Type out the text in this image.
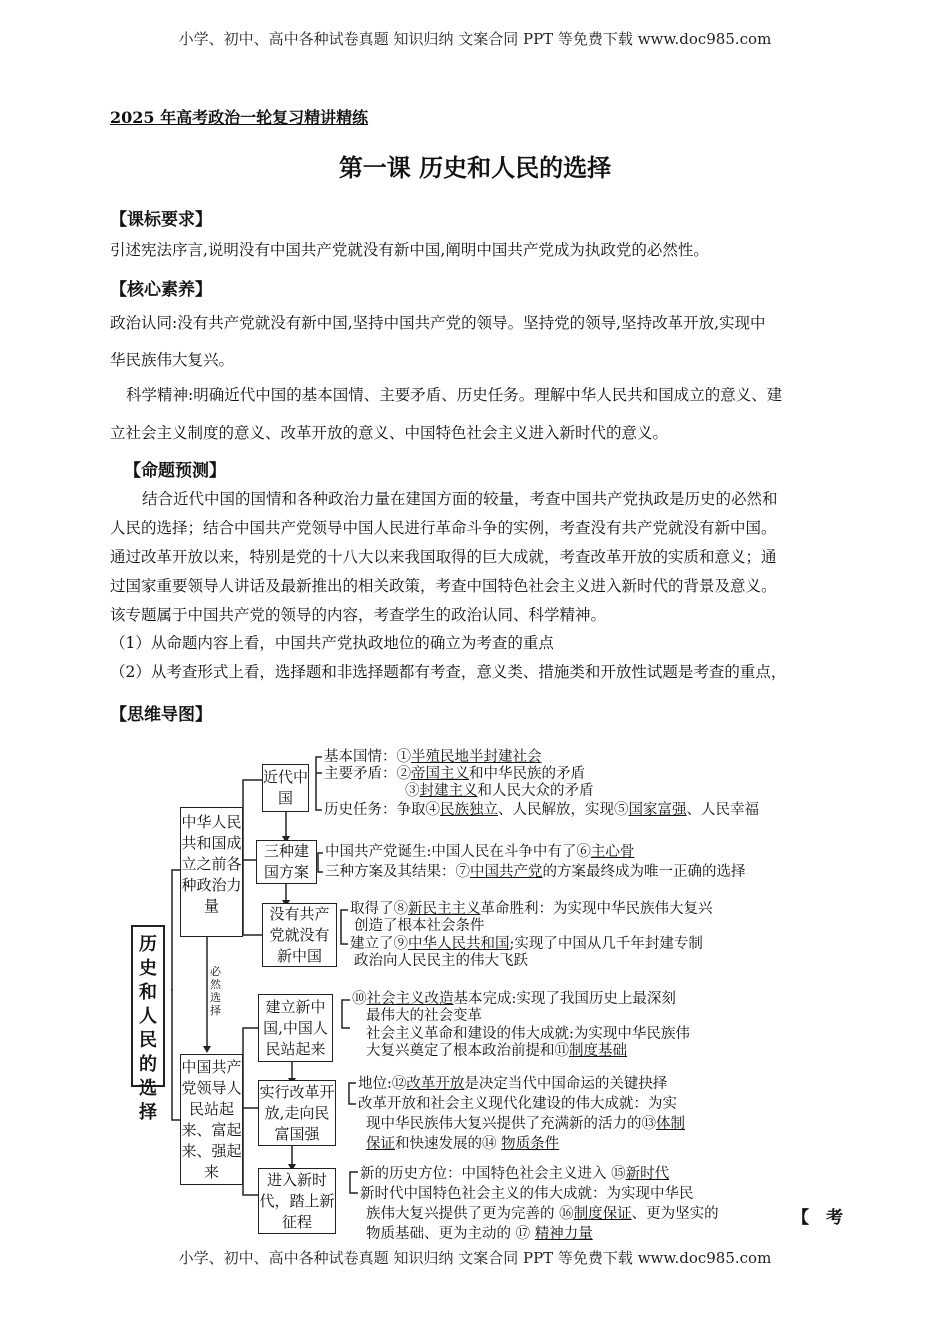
小学、初中、高中各种试卷真题 知识归纳 文案合同 PPT 等免费下载 www.doc985.com
小学、初中、高中各种试卷真题 知识归纳 文案合同 PPT 等免费下载 www.doc985.com
2025 年高考政治一轮复习精讲精练
第一课 历史和人民的选择
【课标要求】
引述宪法序言,说明没有中国共产党就没有新中国,阐明中国共产党成为执政党的必然性。
【核心素养】
政治认同:没有共产党就没有新中国,坚持中国共产党的领导。坚持党的领导,坚持改革开放,实现中
华民族伟大复兴。
科学精神:明确近代中国的基本国情、主要矛盾、历史任务。理解中华人民共和国成立的意义、建
立社会主义制度的意义、改革开放的意义、中国特色社会主义进入新时代的意义。
【命题预测】
结合近代中国的国情和各种政治力量在建国方面的较量，考查中国共产党执政是历史的必然和
人民的选择；结合中国共产党领导中国人民进行革命斗争的实例，考查没有共产党就没有新中国。
通过改革开放以来，特别是党的十八大以来我国取得的巨大成就，考查改革开放的实质和意义；通
过国家重要领导人讲话及最新推出的相关政策，考查中国特色社会主义进入新时代的背景及意义。
该专题属于中国共产党的领导的内容，考查学生的政治认同、科学精神。
（1）从命题内容上看，中国共产党执政地位的确立为考查的重点
（2）从考查形式上看，选择题和非选择题都有考查，意义类、措施类和开放性试题是考查的重点，
【思维导图】
历史和人民的选择
中华人民共和国成立之前各种政治力量
中国共产党领导人民站起来、富起来、强起来
必然选择
近代中国
三种建国方案
没有共产党就没有新中国
建立新中国,中国人民站起来
实行改革开放,走向民富国强
进入新时代，踏上新征程
基本国情：①半殖民地半封建社会
主要矛盾：②帝国主义和中华民族的矛盾
③封建主义和人民大众的矛盾
历史任务：争取④民族独立、人民解放，实现⑤国家富强、人民幸福
中国共产党诞生:中国人民在斗争中有了⑥主心骨
三种方案及其结果：⑦中国共产党的方案最终成为唯一正确的选择
取得了⑧新民主主义革命胜利：为实现中华民族伟大复兴
创造了根本社会条件
建立了⑨中华人民共和国;实现了中国从几千年封建专制
政治向人民民主的伟大飞跃
⑩社会主义改造基本完成:实现了我国历史上最深刻
最伟大的社会变革
社会主义革命和建设的伟大成就:为实现中华民族伟
大复兴奠定了根本政治前提和⑪制度基础
地位:⑫改革开放是决定当代中国命运的关键抉择
改革开放和社会主义现代化建设的伟大成就：为实
现中华民族伟大复兴提供了充满新的活力的⑬体制
保证和快速发展的⑭ 物质条件
新的历史方位：中国特色社会主义进入 ⑮新时代
新时代中国特色社会主义的伟大成就：为实现中华民
族伟大复兴提供了更为完善的 ⑯制度保证、更为坚实的
物质基础、更为主动的 ⑰ 精神力量
【　考
